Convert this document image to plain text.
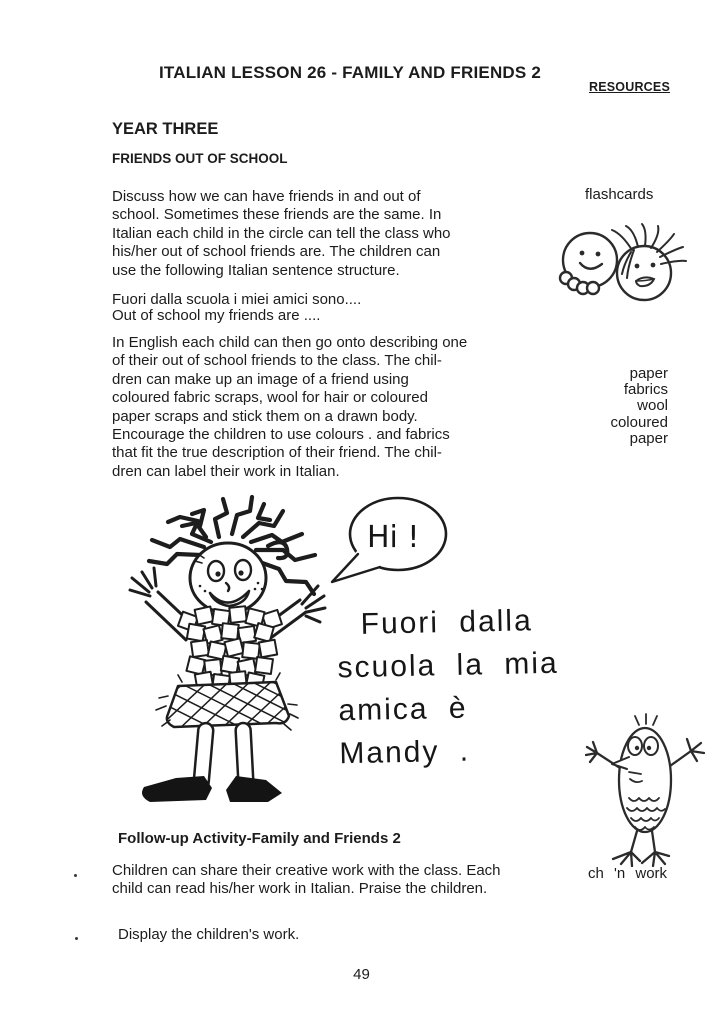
ITALIAN LESSON 26 - FAMILY AND FRIENDS 2
RESOURCES
YEAR THREE
FRIENDS OUT OF SCHOOL
Discuss how we can have friends in and out of
school. Sometimes these friends are the same. In
Italian each child in the circle can tell the class who
his/her out of school friends are. The children can
use the following Italian sentence structure.
Fuori dalla scuola i miei amici sono....
Out of school my friends are ....
In English each child can then go onto describing one
of their out of school friends to the class. The chil-
dren can make up an image of a friend using
coloured fabric scraps, wool for hair or coloured
paper scraps and stick them on a drawn body.
Encourage the children to use colours . and fabrics
that fit the true description of their friend. The chil-
dren can label their work in Italian.
flashcards
paper
fabrics
wool
coloured
paper
Hi !
Fuori dalla
scuola la mia
amica è
Mandy .
ch 'n work
Follow-up Activity-Family and Friends 2
Children can share their creative work with the class. Each
child can read his/her work in Italian. Praise the children.
Display the children's work.
49
